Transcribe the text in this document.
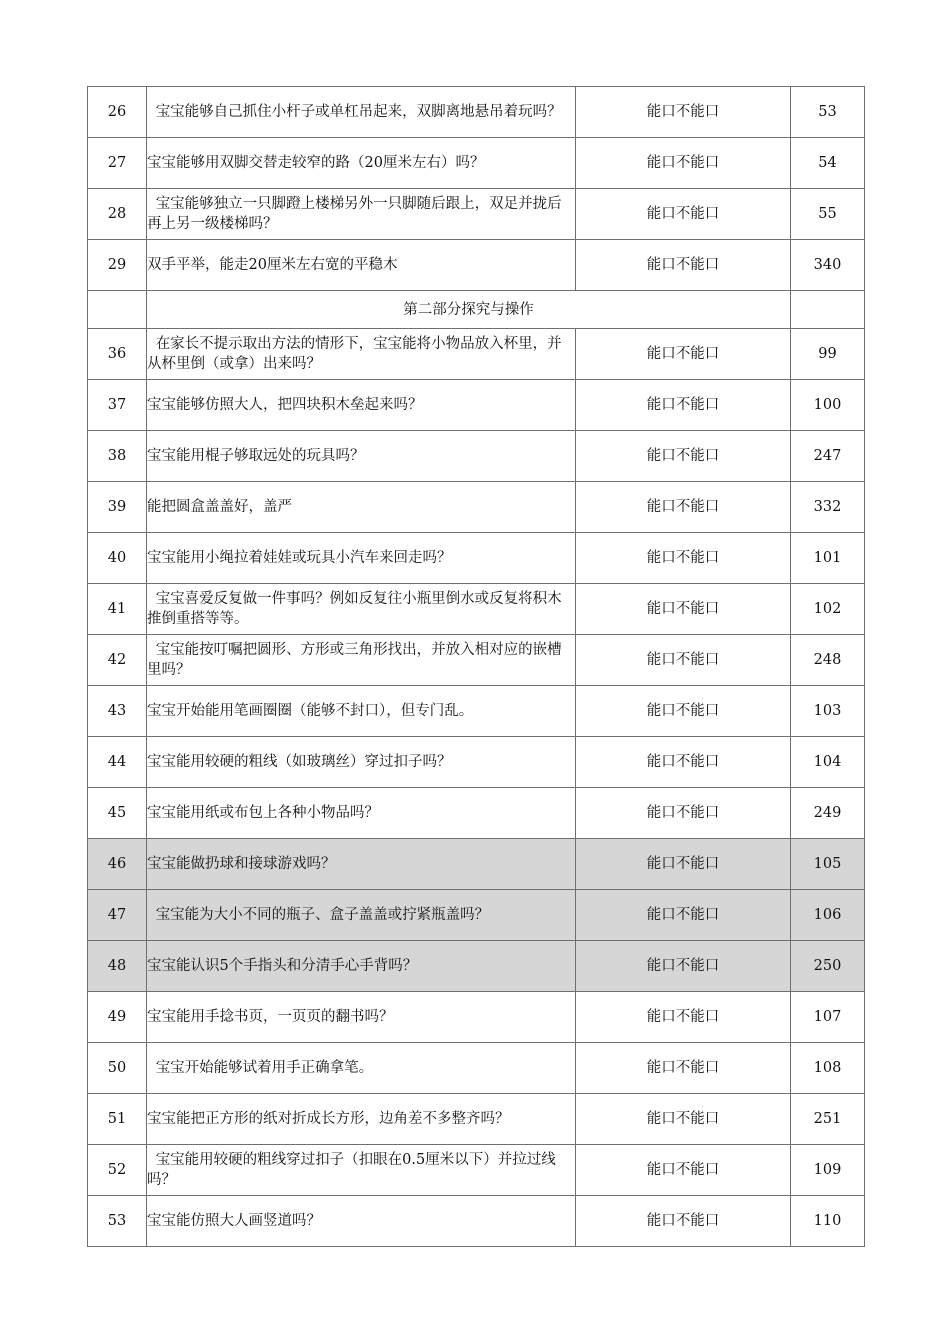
26	宝宝能够自己抓住小杆子或单杠吊起来，双脚离地悬吊着玩吗？	能口不能口	53
27	宝宝能够用双脚交替走较窄的路（20厘米左右）吗？	能口不能口	54
28	宝宝能够独立一只脚蹬上楼梯另外一只脚随后跟上，双足并拢后再上另一级楼梯吗？	能口不能口	55
29	双手平举，能走20厘米左右宽的平稳木	能口不能口	340
	第二部分探究与操作		
36	在家长不提示取出方法的情形下，宝宝能将小物品放入杯里，并从杯里倒（或拿）出来吗？	能口不能口	99
37	宝宝能够仿照大人，把四块积木垒起来吗？	能口不能口	100
38	宝宝能用棍子够取远处的玩具吗？	能口不能口	247
39	能把圆盒盖盖好，盖严	能口不能口	332
40	宝宝能用小绳拉着娃娃或玩具小汽车来回走吗？	能口不能口	101
41	宝宝喜爱反复做一件事吗？例如反复往小瓶里倒水或反复将积木推倒重搭等等。	能口不能口	102
42	宝宝能按叮嘱把圆形、方形或三角形找出，并放入相对应的嵌槽里吗？	能口不能口	248
43	宝宝开始能用笔画圈圈（能够不封口），但专门乱。	能口不能口	103
44	宝宝能用较硬的粗线（如玻璃丝）穿过扣子吗？	能口不能口	104
45	宝宝能用纸或布包上各种小物品吗？	能口不能口	249
46	宝宝能做扔球和接球游戏吗？	能口不能口	105
47	宝宝能为大小不同的瓶子、盒子盖盖或拧紧瓶盖吗？	能口不能口	106
48	宝宝能认识5个手指头和分清手心手背吗？	能口不能口	250
49	宝宝能用手捻书页，一页页的翻书吗？	能口不能口	107
50	宝宝开始能够试着用手正确拿笔。	能口不能口	108
51	宝宝能把正方形的纸对折成长方形，边角差不多整齐吗？	能口不能口	251
52	宝宝能用较硬的粗线穿过扣子（扣眼在0.5厘米以下）并拉过线吗？	能口不能口	109
53	宝宝能仿照大人画竖道吗？	能口不能口	110
